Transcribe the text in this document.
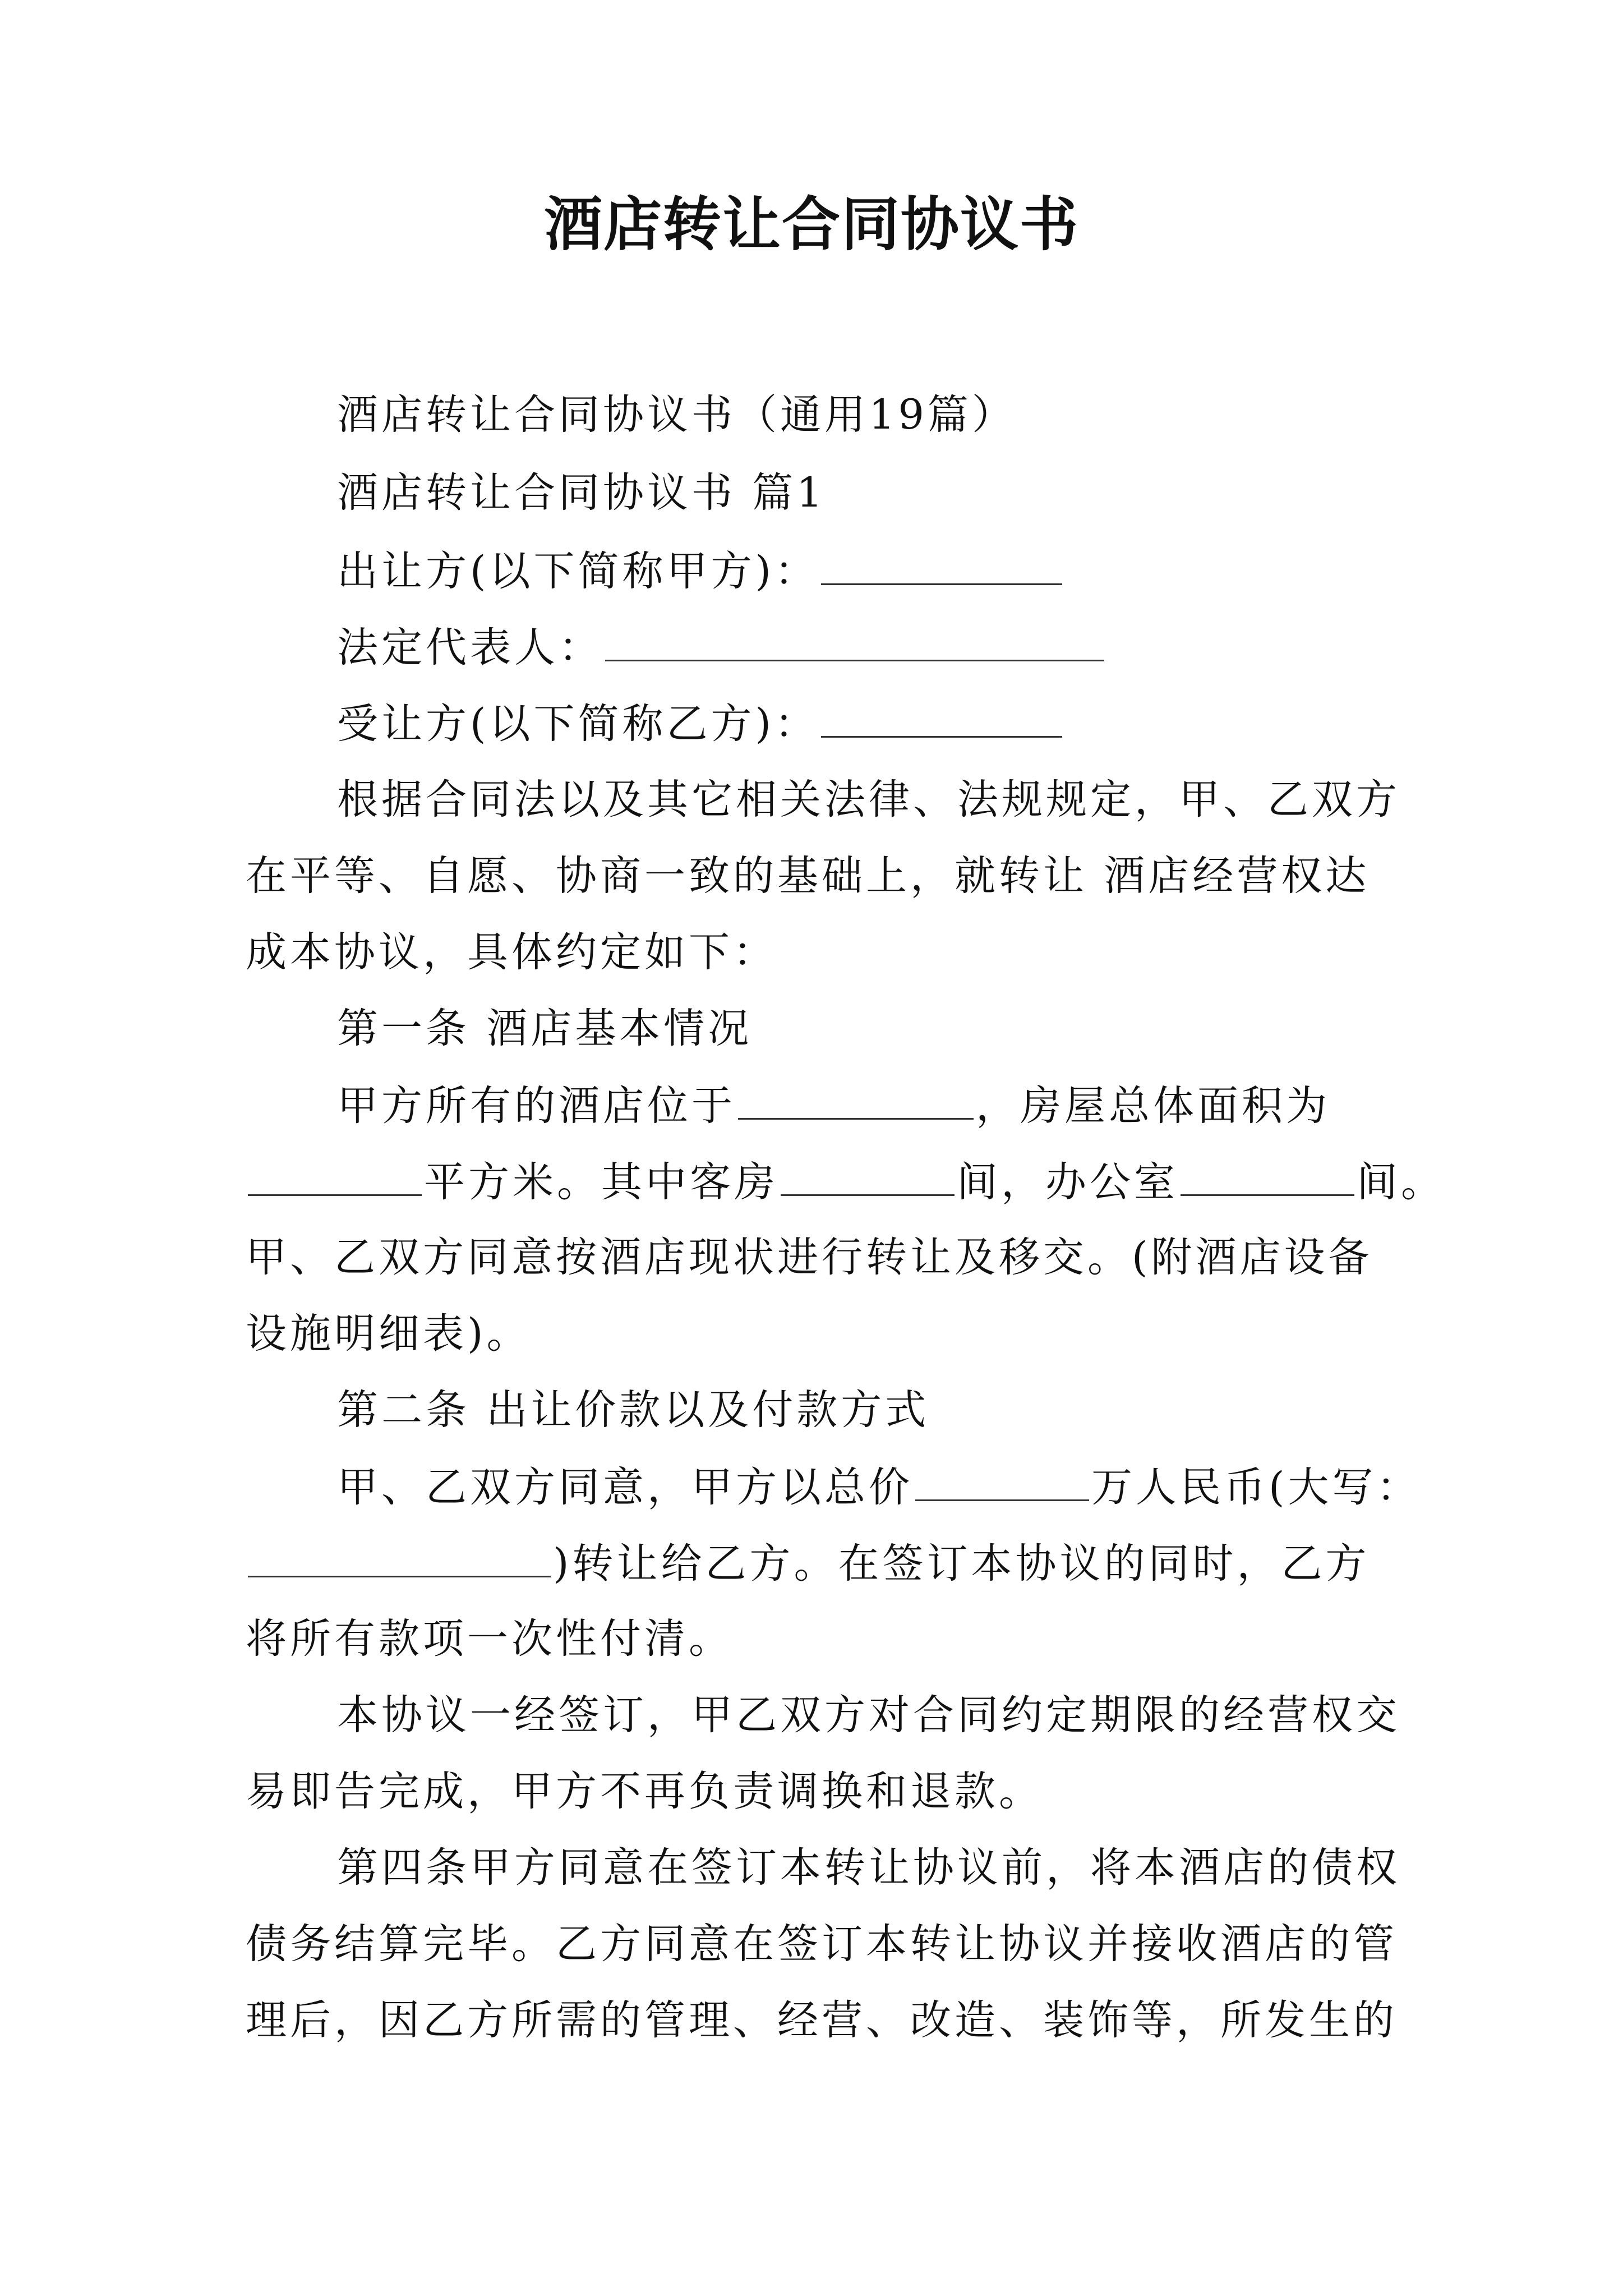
酒店转让合同协议书
酒店转让合同协议书（通用19篇）
酒店转让合同协议书 篇1
出让方(以下简称甲方)：
法定代表人：
受让方(以下简称乙方)：
根据合同法以及其它相关法律、法规规定，甲、乙双方
在平等、自愿、协商一致的基础上，就转让 酒店经营权达
成本协议，具体约定如下：
第一条 酒店基本情况
甲方所有的酒店位于	，房屋总体面积为
平方米。其中客房	间，办公室	间。
甲、乙双方同意按酒店现状进行转让及移交。(附酒店设备
设施明细表)。
第二条 出让价款以及付款方式
甲、乙双方同意，甲方以总价	万人民币(大写：
)转让给乙方。在签订本协议的同时，乙方
将所有款项一次性付清。
本协议一经签订，甲乙双方对合同约定期限的经营权交
易即告完成，甲方不再负责调换和退款。
第四条甲方同意在签订本转让协议前，将本酒店的债权
债务结算完毕。乙方同意在签订本转让协议并接收酒店的管
理后，因乙方所需的管理、经营、改造、装饰等，所发生的
